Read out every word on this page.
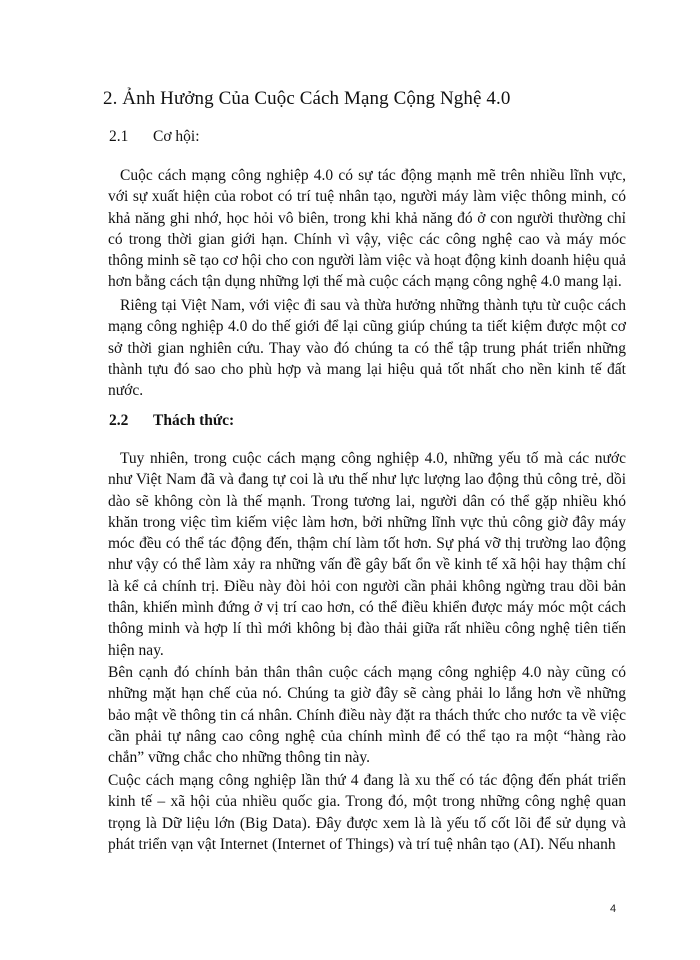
2. Ảnh Hưởng Của Cuộc Cách Mạng Cộng Nghệ 4.0
2.1 Cơ hội:

Cuộc cách mạng công nghiệp 4.0 có sự tác động mạnh mẽ trên nhiều lĩnh vực, với sự xuất hiện của robot có trí tuệ nhân tạo, người máy làm việc thông minh, có khả năng ghi nhớ, học hỏi vô biên, trong khi khả năng đó ở con người thường chỉ có trong thời gian giới hạn. Chính vì vậy, việc các công nghệ cao và máy móc thông minh sẽ tạo cơ hội cho con người làm việc và hoạt động kinh doanh hiệu quả hơn bằng cách tận dụng những lợi thế mà cuộc cách mạng công nghệ 4.0 mang lại.

Riêng tại Việt Nam, với việc đi sau và thừa hưởng những thành tựu từ cuộc cách mạng công nghiệp 4.0 do thế giới để lại cũng giúp chúng ta tiết kiệm được một cơ sở thời gian nghiên cứu. Thay vào đó chúng ta có thể tập trung phát triển những thành tựu đó sao cho phù hợp và mang lại hiệu quả tốt nhất cho nền kinh tế đất nước.

2.2 Thách thức:

Tuy nhiên, trong cuộc cách mạng công nghiệp 4.0, những yếu tố mà các nước như Việt Nam đã và đang tự coi là ưu thế như lực lượng lao động thủ công trẻ, dồi dào sẽ không còn là thế mạnh. Trong tương lai, người dân có thể gặp nhiều khó khăn trong việc tìm kiếm việc làm hơn, bởi những lĩnh vực thủ công giờ đây máy móc đều có thể tác động đến, thậm chí làm tốt hơn. Sự phá vỡ thị trường lao động như vậy có thể làm xảy ra những vấn đề gây bất ổn về kinh tế xã hội hay thậm chí là kể cả chính trị. Điều này đòi hỏi con người cần phải không ngừng trau dồi bản thân, khiến mình đứng ở vị trí cao hơn, có thể điều khiển được máy móc một cách thông minh và hợp lí thì mới không bị đào thải giữa rất nhiều công nghệ tiên tiến hiện nay.

Bên cạnh đó chính bản thân thân cuộc cách mạng công nghiệp 4.0 này cũng có những mặt hạn chế của nó. Chúng ta giờ đây sẽ càng phải lo lắng hơn về những bảo mật về thông tin cá nhân. Chính điều này đặt ra thách thức cho nước ta về việc cần phải tự nâng cao công nghệ của chính mình để có thể tạo ra một “hàng rào chắn” vững chắc cho những thông tin này.

Cuộc cách mạng công nghiệp lần thứ 4 đang là xu thế có tác động đến phát triển kinh tế – xã hội của nhiều quốc gia. Trong đó, một trong những công nghệ quan trọng là Dữ liệu lớn (Big Data). Đây được xem là là yếu tố cốt lõi để sử dụng và phát triển vạn vật Internet (Internet of Things) và trí tuệ nhân tạo (AI). Nếu nhanh

4
